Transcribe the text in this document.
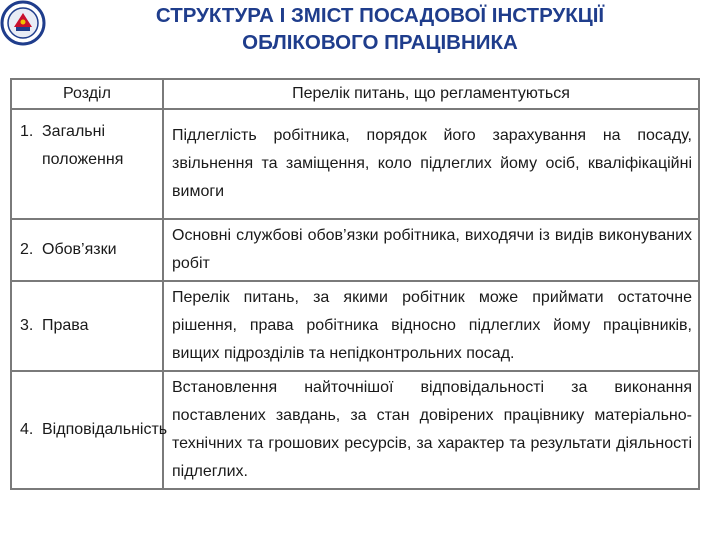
СТРУКТУРА І ЗМІСТ ПОСАДОВОЇ ІНСТРУКЦІЇ
ОБЛІКОВОГО ПРАЦІВНИКА
Розділ	Перелік питань, що регламентуються
1. Загальні положення	Підлеглість робітника, порядок його зарахування на посаду, звільнення та заміщення, коло підлеглих йому осіб, кваліфікаційні вимоги
2. Обов’язки	Основні службові обов’язки робітника, виходячи із видів виконуваних робіт
3. Права	Перелік питань, за якими робітник може приймати остаточне рішення, права робітника відносно підлеглих йому працівників, вищих підрозділів та непідконтрольних посад.
4. Відповідальність	Встановлення найточнішої відповідальності за виконання поставлених завдань, за стан довірених працівнику матеріально-технічних та грошових ресурсів, за характер та результати діяльності підлеглих.
